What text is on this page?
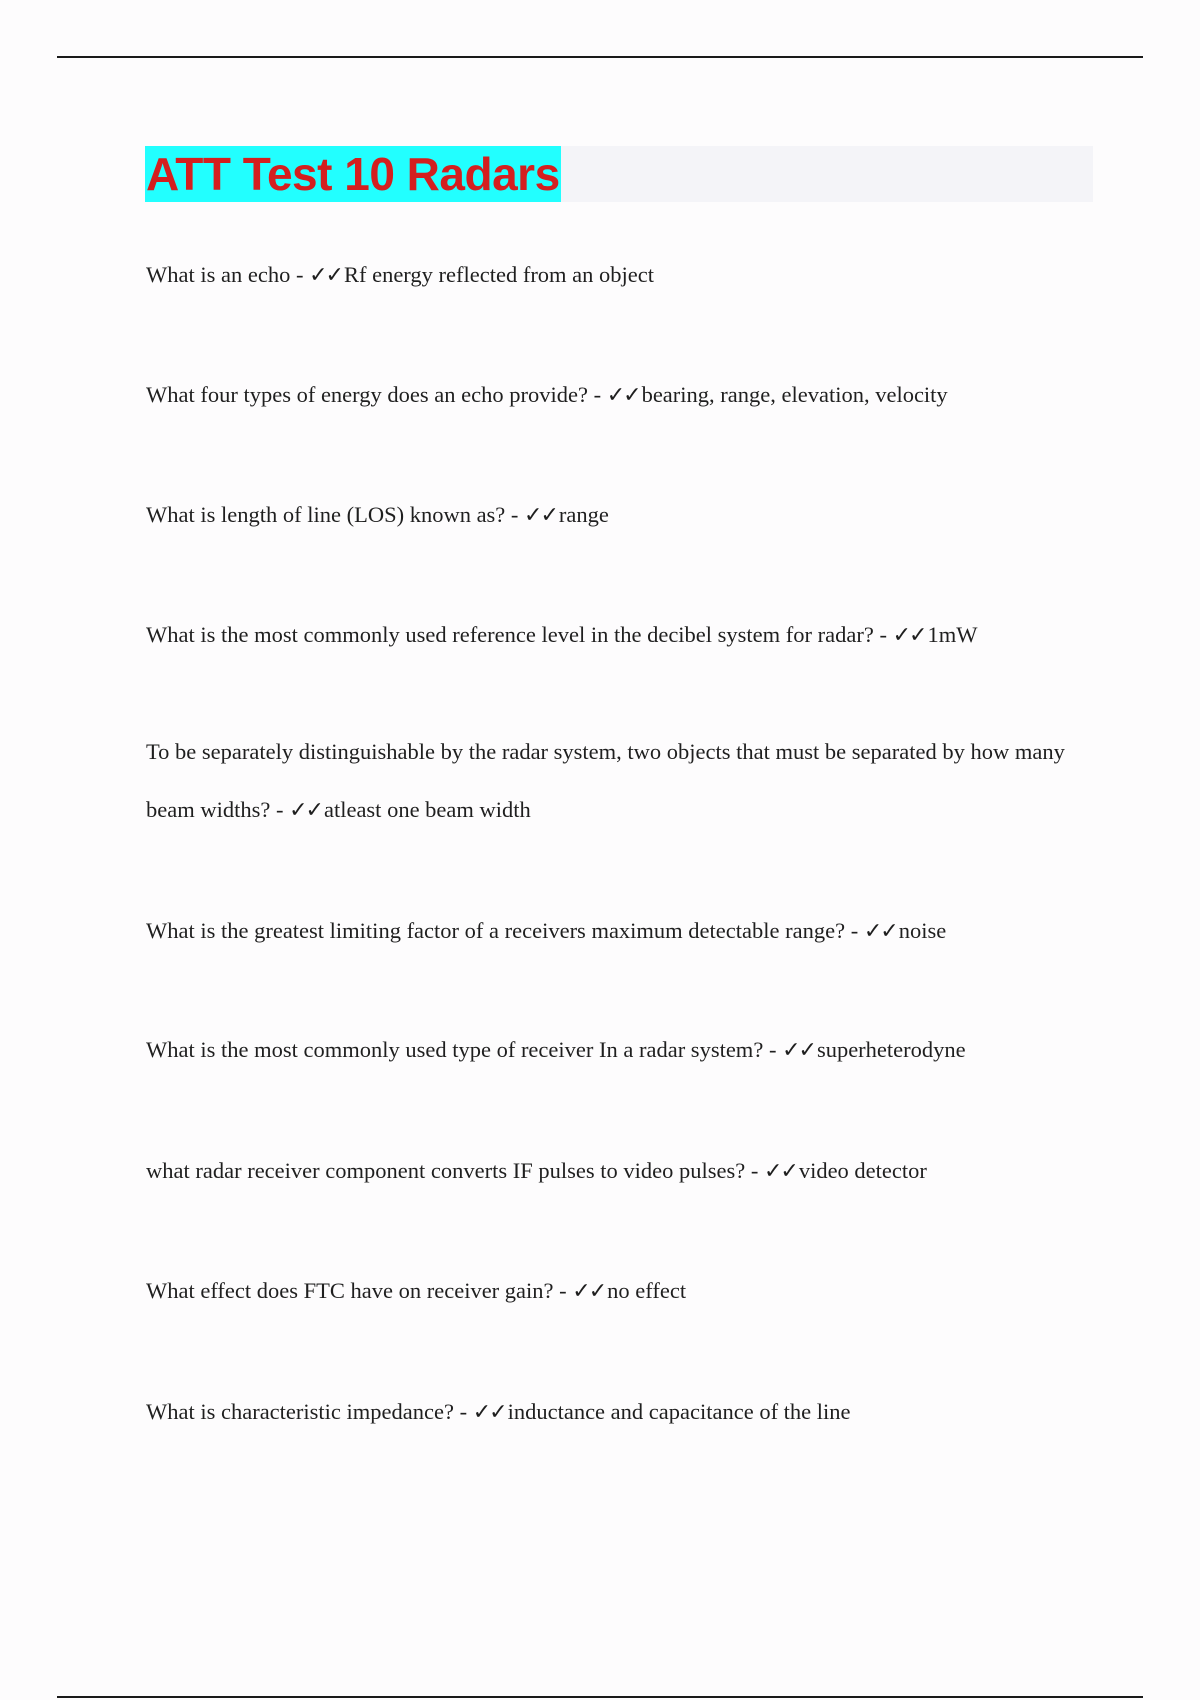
ATT Test 10 Radars
What is an echo - ✓✓Rf energy reflected from an object
What four types of energy does an echo provide? - ✓✓bearing, range, elevation, velocity
What is length of line (LOS) known as? - ✓✓range
What is the most commonly used reference level in the decibel system for radar? - ✓✓1mW
To be separately distinguishable by the radar system, two objects that must be separated by how many beam widths? - ✓✓atleast one beam width
What is the greatest limiting factor of a receivers maximum detectable range? - ✓✓noise
What is the most commonly used type of receiver In a radar system? - ✓✓superheterodyne
what radar receiver component converts IF pulses to video pulses? - ✓✓video detector
What effect does FTC have on receiver gain? - ✓✓no effect
What is characteristic impedance? - ✓✓inductance and capacitance of the line
